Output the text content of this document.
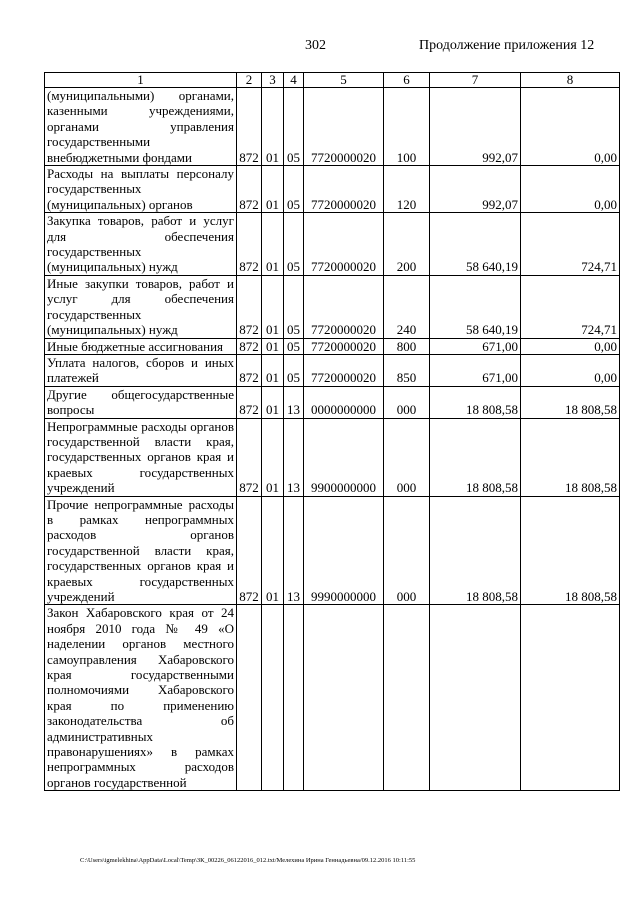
302	Продолжение приложения 12
1	2	3	4	5	6	7	8
(муниципальными) органами, казенными учреждениями, органами управления государственными внебюджетными фондами	872	01	05	7720000020	100	992,07	0,00
Расходы на выплаты персоналу государственных (муниципальных) органов	872	01	05	7720000020	120	992,07	0,00
Закупка товаров, работ и услуг для обеспечения государственных (муниципальных) нужд	872	01	05	7720000020	200	58 640,19	724,71
Иные закупки товаров, работ и услуг для обеспечения государственных (муниципальных) нужд	872	01	05	7720000020	240	58 640,19	724,71
Иные бюджетные ассигнования	872	01	05	7720000020	800	671,00	0,00
Уплата налогов, сборов и иных платежей	872	01	05	7720000020	850	671,00	0,00
Другие общегосударственные вопросы	872	01	13	0000000000	000	18 808,58	18 808,58
Непрограммные расходы органов государственной власти края, государственных органов края и краевых государственных учреждений	872	01	13	9900000000	000	18 808,58	18 808,58
Прочие непрограммные расходы в рамках непрограммных расходов органов государственной власти края, государственных органов края и краевых государственных учреждений	872	01	13	9990000000	000	18 808,58	18 808,58
Закон Хабаровского края от 24 ноября 2010 года № 49 «О наделении органов местного самоуправления Хабаровского края государственными полномочиями Хабаровского края по применению законодательства об административных правонарушениях» в рамках непрограммных расходов органов государственной							
C:\Users\igmelekhina\AppData\Local\Temp\ЗК_00226_06122016_012.txt/Мелехина Ирина Геннадьевна/09.12.2016 10:11:55
